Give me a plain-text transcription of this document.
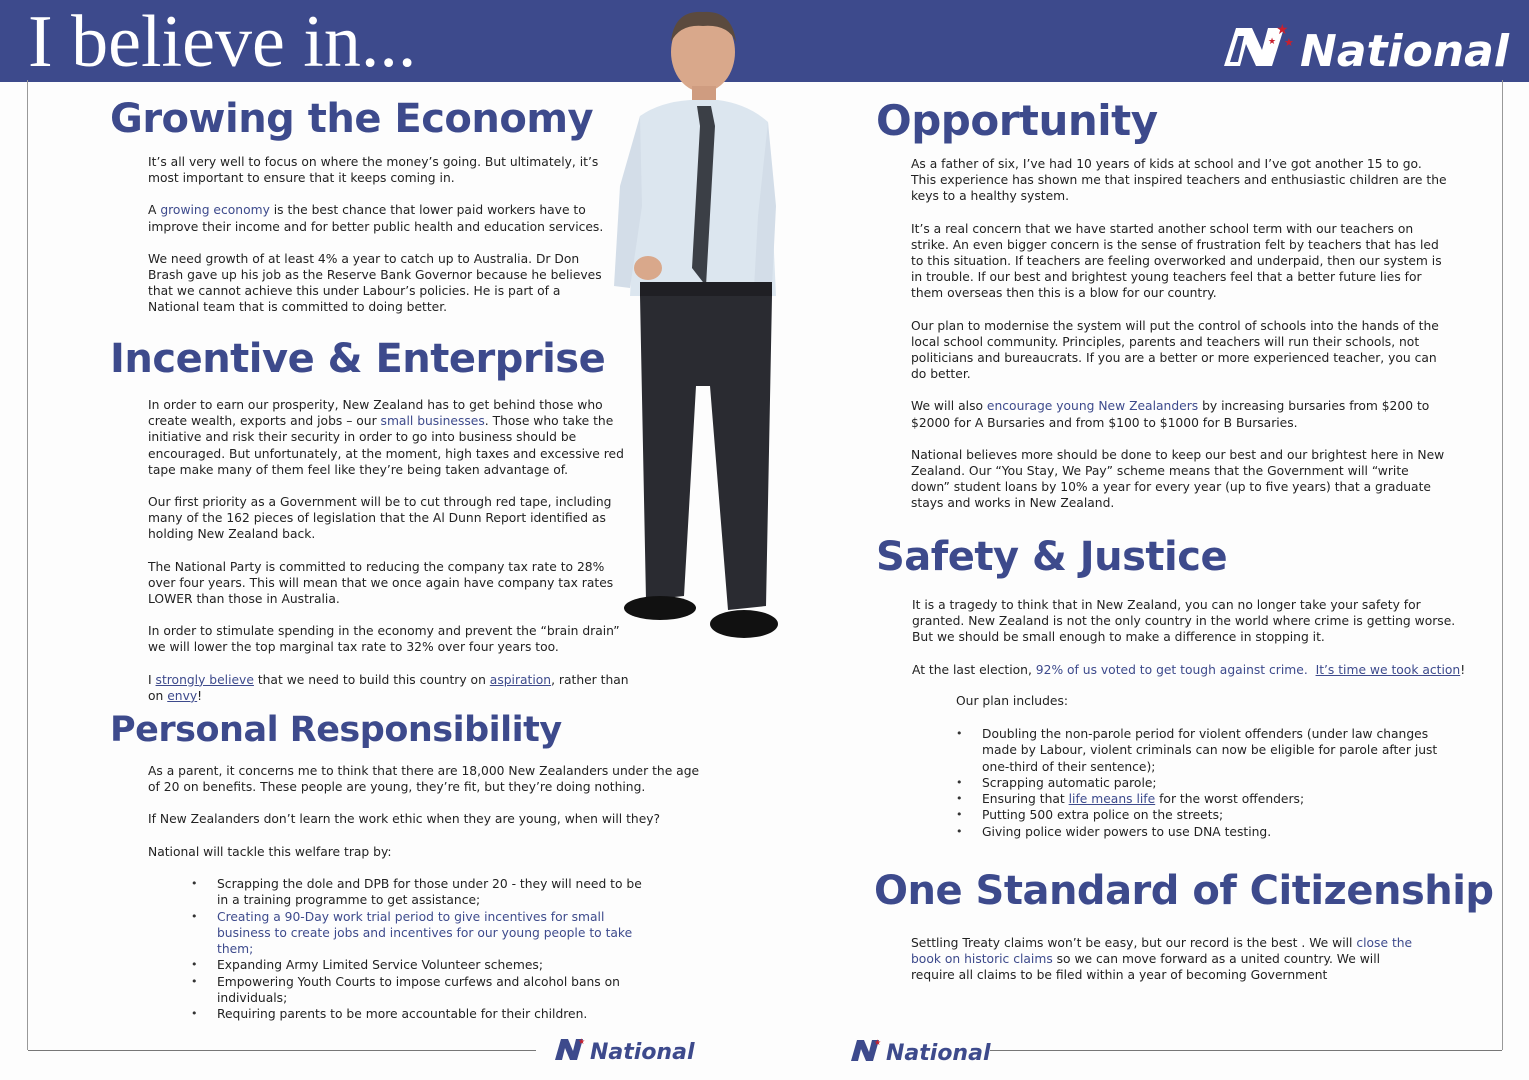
I believe in...	★
★
★ National
Growing the Economy

It’s all very well to focus on where the money’s going. But ultimately, it’s most important to ensure that it keeps coming in.

A growing economy is the best chance that lower paid workers have to improve their income and for better public health and education services.

We need growth of at least 4% a year to catch up to Australia. Dr Don Brash gave up his job as the Reserve Bank Governor because he believes that we cannot achieve this under Labour’s policies. He is part of a National team that is committed to doing better.

Incentive & Enterprise

In order to earn our prosperity, New Zealand has to get behind those who create wealth, exports and jobs – our small businesses. Those who take the initiative and risk their security in order to go into business should be encouraged. But unfortunately, at the moment, high taxes and excessive red tape make many of them feel like they’re being taken advantage of.

Our first priority as a Government will be to cut through red tape, including many of the 162 pieces of legislation that the Al Dunn Report identified as holding New Zealand back.

The National Party is committed to reducing the company tax rate to 28% over four years. This will mean that we once again have company tax rates LOWER than those in Australia.

In order to stimulate spending in the economy and prevent the “brain drain” we will lower the top marginal tax rate to 32% over four years too.

I strongly believe that we need to build this country on aspiration, rather than on envy!

Personal Responsibility

As a parent, it concerns me to think that there are 18,000 New Zealanders under the age of 20 on benefits. These people are young, they’re fit, but they’re doing nothing.

If New Zealanders don’t learn the work ethic when they are young, when will they?

National will tackle this welfare trap by:

• Scrapping the dole and DPB for those under 20 - they will need to be in a training programme to get assistance;
• Creating a 90-Day work trial period to give incentives for small business to create jobs and incentives for our young people to take them;
• Expanding Army Limited Service Volunteer schemes;
• Empowering Youth Courts to impose curfews and alcohol bans on individuals;
• Requiring parents to be more accountable for their children.
★ National
Opportunity

As a father of six, I’ve had 10 years of kids at school and I’ve got another 15 to go. This experience has shown me that inspired teachers and enthusiastic children are the keys to a healthy system.

It’s a real concern that we have started another school term with our teachers on strike. An even bigger concern is the sense of frustration felt by teachers that has led to this situation. If teachers are feeling overworked and underpaid, then our system is in trouble. If our best and brightest young teachers feel that a better future lies for them overseas then this is a blow for our country.

Our plan to modernise the system will put the control of schools into the hands of the local school community. Principles, parents and teachers will run their schools, not politicians and bureaucrats. If you are a better or more experienced teacher, you can do better.

We will also encourage young New Zealanders by increasing bursaries from $200 to $2000 for A Bursaries and from $100 to $1000 for B Bursaries.

National believes more should be done to keep our best and our brightest here in New Zealand. Our “You Stay, We Pay” scheme means that the Government will “write down” student loans by 10% a year for every year (up to five years) that a graduate stays and works in New Zealand.

Safety & Justice

It is a tragedy to think that in New Zealand, you can no longer take your safety for granted. New Zealand is not the only country in the world where crime is getting worse. But we should be small enough to make a difference in stopping it.

At the last election, 92% of us voted to get tough against crime. It’s time we took action!

Our plan includes:
• Doubling the non-parole period for violent offenders (under law changes made by Labour, violent criminals can now be eligible for parole after just one-third of their sentence);
• Scrapping automatic parole;
• Ensuring that life means life for the worst offenders;
• Putting 500 extra police on the streets;
• Giving police wider powers to use DNA testing.
One Standard of Citizenship

Settling Treaty claims won’t be easy, but our record is the best . We will close the book on historic claims so we can move forward as a united country. We will require all claims to be filed within a year of becoming Government

★ National
